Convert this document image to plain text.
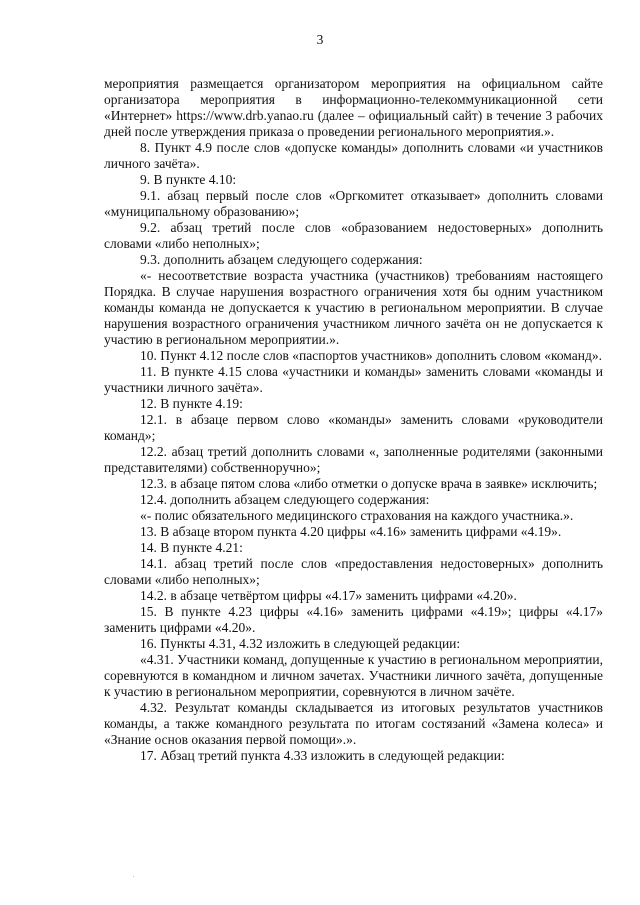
3

мероприятия размещается организатором мероприятия на официальном сайте организатора мероприятия в информационно-телекоммуникационной сети «Интернет» https://www.drb.yanao.ru (далее – официальный сайт) в течение 3 рабочих дней после утверждения приказа о проведении регионального мероприятия.».

8. Пункт 4.9 после слов «допуске команды» дополнить словами «и участников личного зачёта».

9. В пункте 4.10:

9.1. абзац первый после слов «Оргкомитет отказывает» дополнить словами «муниципальному образованию»;

9.2. абзац третий после слов «образованием недостоверных» дополнить словами «либо неполных»;

9.3. дополнить абзацем следующего содержания:

«- несоответствие возраста участника (участников) требованиям настоящего Порядка. В случае нарушения возрастного ограничения хотя бы одним участником команды команда не допускается к участию в региональном мероприятии. В случае нарушения возрастного ограничения участником личного зачёта он не допускается к участию в региональном мероприятии.».

10. Пункт 4.12 после слов «паспортов участников» дополнить словом «команд».

11. В пункте 4.15 слова «участники и команды» заменить словами «команды и участники личного зачёта».

12. В пункте 4.19:

12.1. в абзаце первом слово «команды» заменить словами «руководители команд»;

12.2. абзац третий дополнить словами «, заполненные родителями (законными представителями) собственноручно»;

12.3. в абзаце пятом слова «либо отметки о допуске врача в заявке» исключить;

12.4. дополнить абзацем следующего содержания:

«- полис обязательного медицинского страхования на каждого участника.».

13. В абзаце втором пункта 4.20 цифры «4.16» заменить цифрами «4.19».

14. В пункте 4.21:

14.1. абзац третий после слов «предоставления недостоверных» дополнить словами «либо неполных»;

14.2. в абзаце четвёртом цифры «4.17» заменить цифрами «4.20».

15. В пункте 4.23 цифры «4.16» заменить цифрами «4.19»; цифры «4.17» заменить цифрами «4.20».

16. Пункты 4.31, 4.32 изложить в следующей редакции:

«4.31. Участники команд, допущенные к участию в региональном мероприятии, соревнуются в командном и личном зачетах. Участники личного зачёта, допущенные к участию в региональном мероприятии, соревнуются в личном зачёте.

4.32. Результат команды складывается из итоговых результатов участников команды, а также командного результата по итогам состязаний «Замена колеса» и «Знание основ оказания первой помощи».».

17. Абзац третий пункта 4.33 изложить в следующей редакции:
